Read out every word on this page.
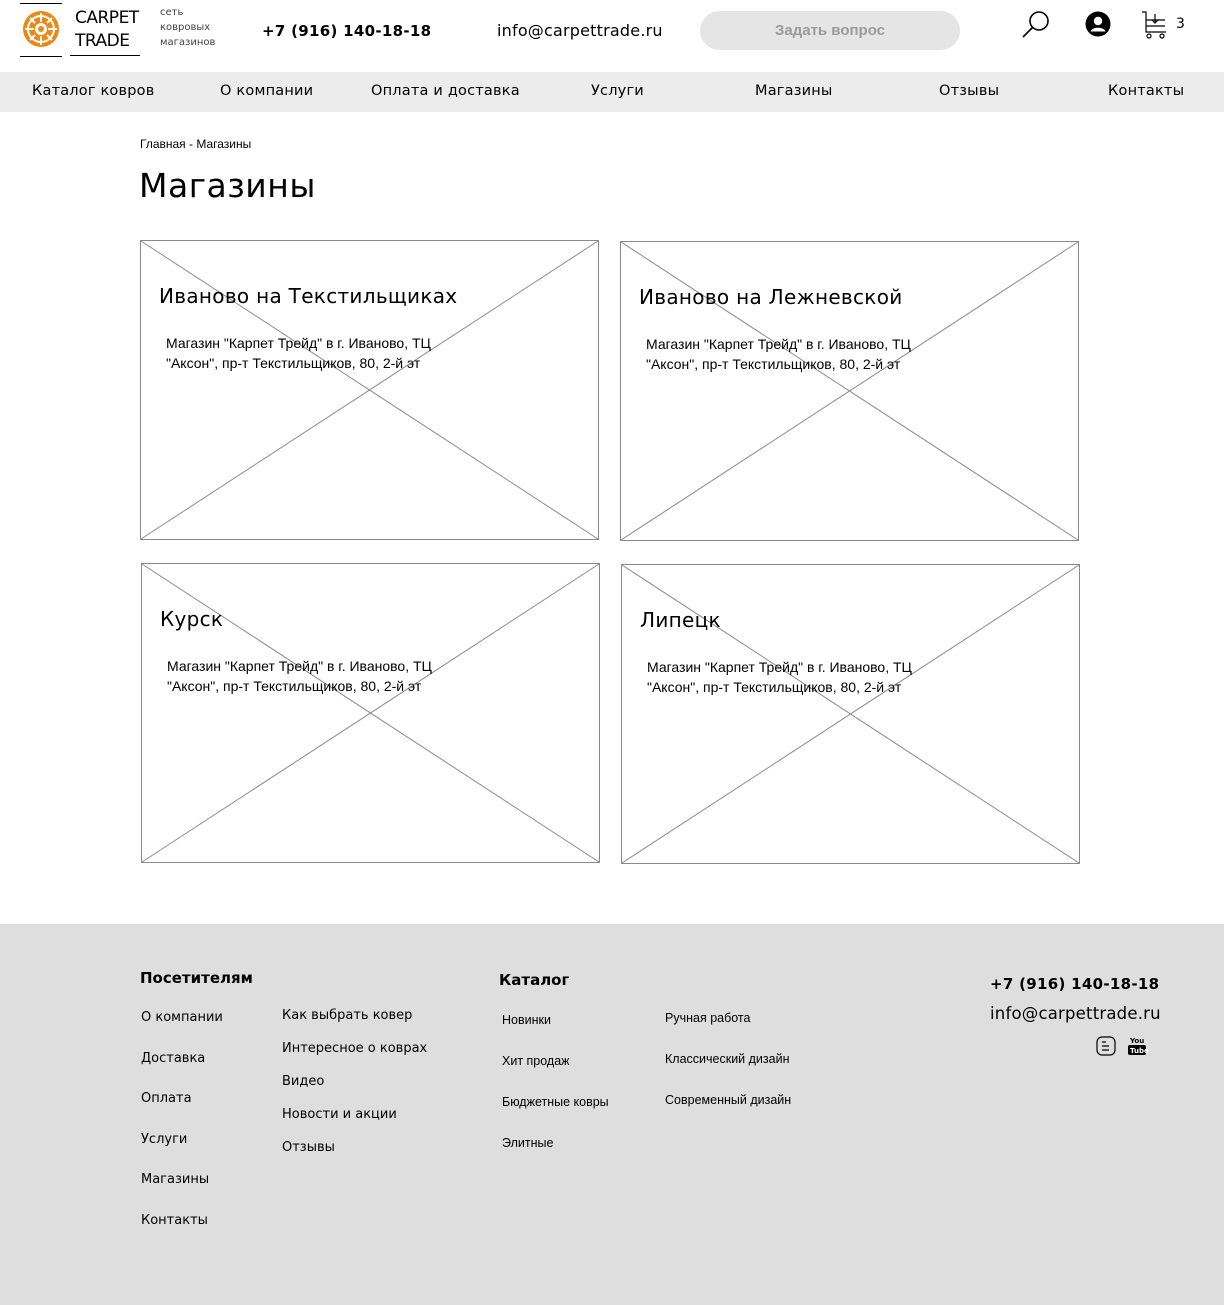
CARPET
TRADE
сеть
ковровых
магазинов
+7 (916) 140-18-18	info@carpettrade.ru	Задать вопрос	3
Каталог ковров	О компании	Оплата и доставка	Услуги	Магазины	Отзывы	Контакты
Главная - Магазины
Магазины
Иваново на Текстильщиках
Магазин "Карпет Трейд" в г. Иваново, ТЦ "Аксон", пр-т Текстильщиков, 80, 2-й эт
Иваново на Лежневской
Магазин "Карпет Трейд" в г. Иваново, ТЦ "Аксон", пр-т Текстильщиков, 80, 2-й эт
Курск
Магазин "Карпет Трейд" в г. Иваново, ТЦ "Аксон", пр-т Текстильщиков, 80, 2-й эт
Липецк
Магазин "Карпет Трейд" в г. Иваново, ТЦ "Аксон", пр-т Текстильщиков, 80, 2-й эт
Посетителям
О компании
Доставка
Оплата
Услуги
Магазины
Контакты
Как выбрать ковер
Интересное о коврах
Видео
Новости и акции
Отзывы
Каталог
Новинки
Хит продаж
Бюджетные ковры
Элитные
Ручная работа
Классический дизайн
Современный дизайн
+7 (916) 140-18-18
info@carpettrade.ru
You
Tube
